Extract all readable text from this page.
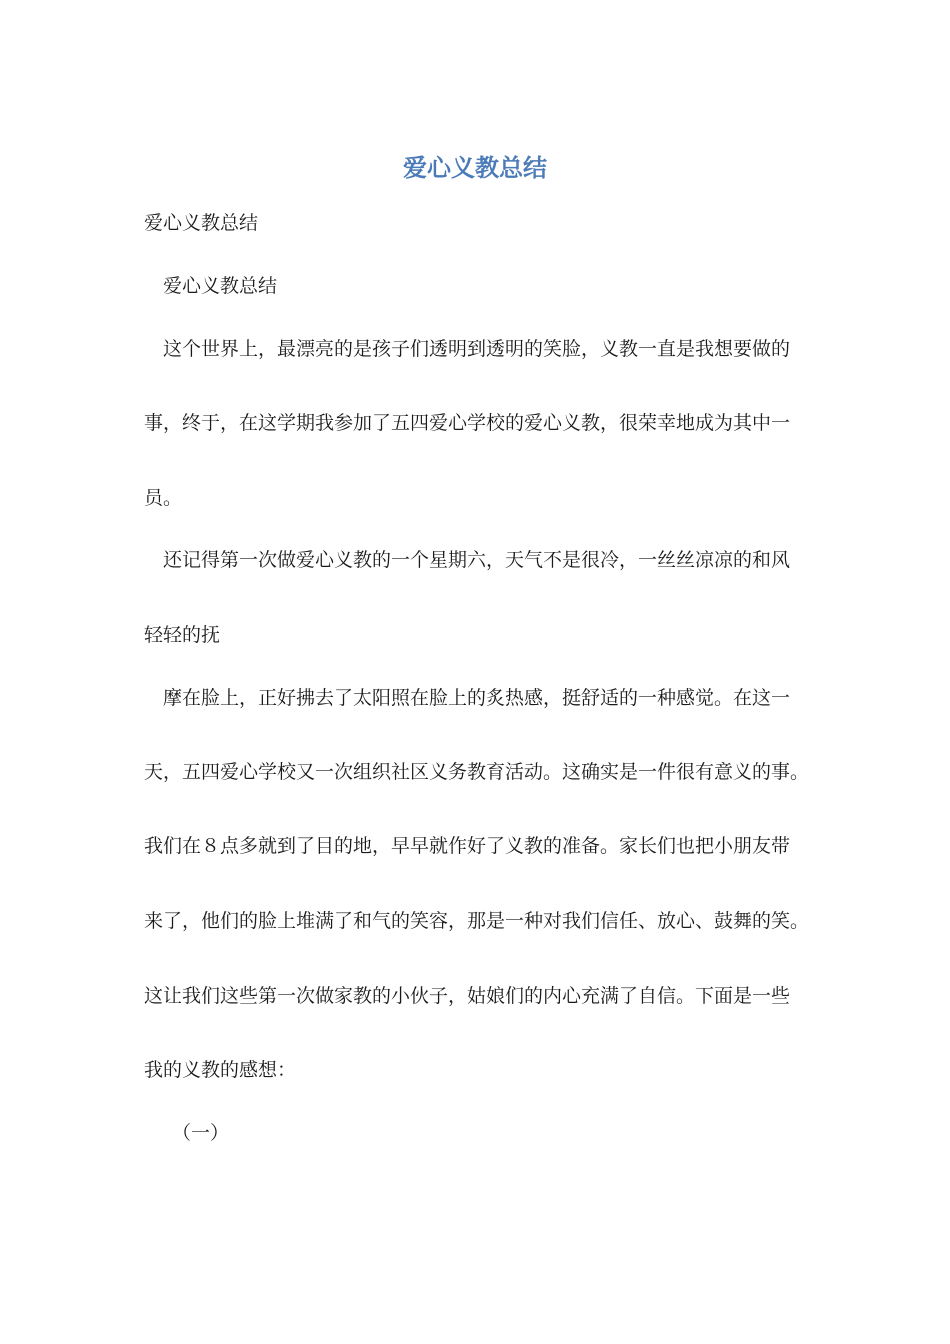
爱心义教总结
爱心义教总结
爱心义教总结
这个世界上，最漂亮的是孩子们透明到透明的笑脸，义教一直是我想要做的
事，终于，在这学期我参加了五四爱心学校的爱心义教，很荣幸地成为其中一
员。
还记得第一次做爱心义教的一个星期六，天气不是很冷，一丝丝凉凉的和风
轻轻的抚
摩在脸上，正好拂去了太阳照在脸上的炙热感，挺舒适的一种感觉。在这一
天，五四爱心学校又一次组织社区义务教育活动。这确实是一件很有意义的事。
我们在８点多就到了目的地，早早就作好了义教的准备。家长们也把小朋友带
来了，他们的脸上堆满了和气的笑容，那是一种对我们信任、放心、鼓舞的笑。
这让我们这些第一次做家教的小伙子，姑娘们的内心充满了自信。下面是一些
我的义教的感想：
（一）
